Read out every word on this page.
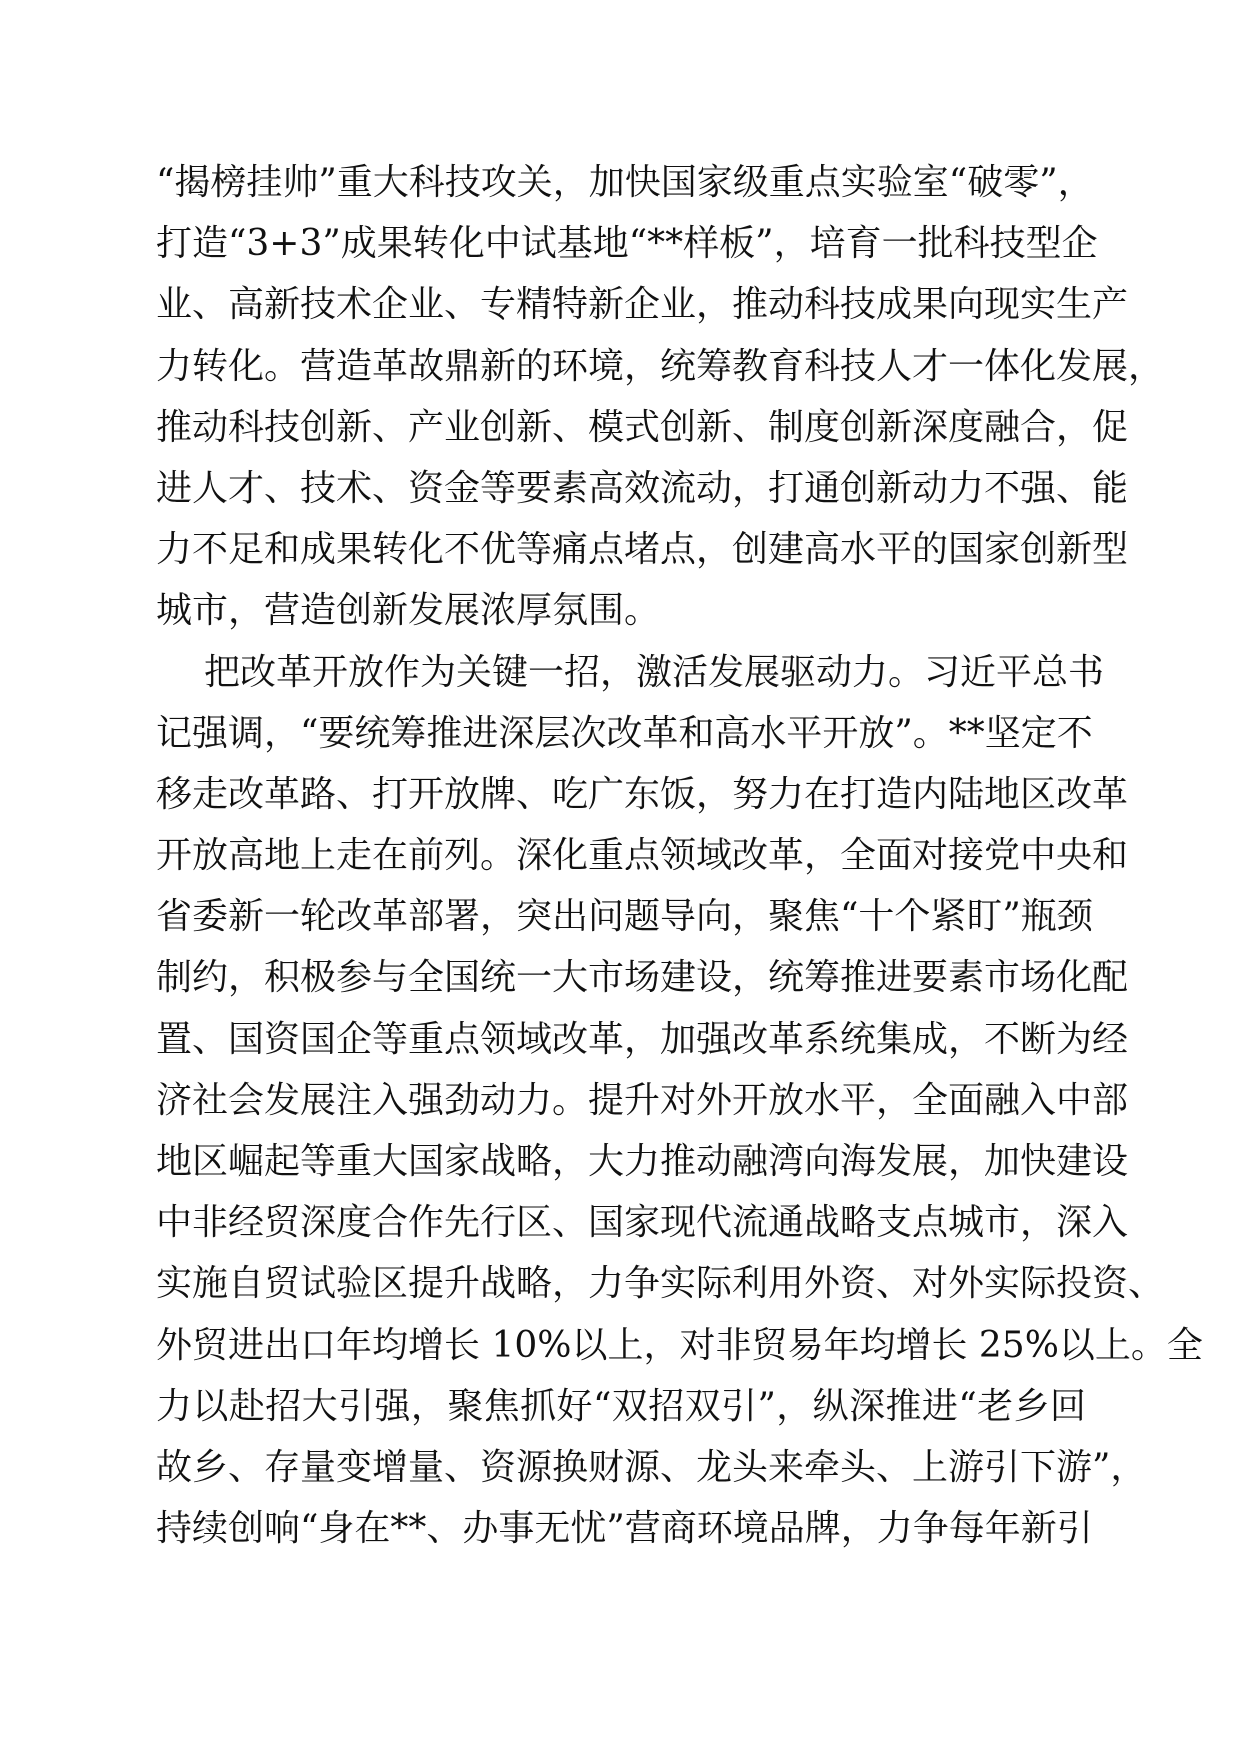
“揭榜挂帅”重大科技攻关，加快国家级重点实验室“破零”，
打造“3+3”成果转化中试基地“**样板”，培育一批科技型企
业、高新技术企业、专精特新企业，推动科技成果向现实生产
力转化。营造革故鼎新的环境，统筹教育科技人才一体化发展，
推动科技创新、产业创新、模式创新、制度创新深度融合，促
进人才、技术、资金等要素高效流动，打通创新动力不强、能
力不足和成果转化不优等痛点堵点，创建高水平的国家创新型
城市，营造创新发展浓厚氛围。
把改革开放作为关键一招，激活发展驱动力。习近平总书
记强调，“要统筹推进深层次改革和高水平开放”。**坚定不
移走改革路、打开放牌、吃广东饭，努力在打造内陆地区改革
开放高地上走在前列。深化重点领域改革，全面对接党中央和
省委新一轮改革部署，突出问题导向，聚焦“十个紧盯”瓶颈
制约，积极参与全国统一大市场建设，统筹推进要素市场化配
置、国资国企等重点领域改革，加强改革系统集成，不断为经
济社会发展注入强劲动力。提升对外开放水平，全面融入中部
地区崛起等重大国家战略，大力推动融湾向海发展，加快建设
中非经贸深度合作先行区、国家现代流通战略支点城市，深入
实施自贸试验区提升战略，力争实际利用外资、对外实际投资、
外贸进出口年均增长 10%以上，对非贸易年均增长 25%以上。全
力以赴招大引强，聚焦抓好“双招双引”，纵深推进“老乡回
故乡、存量变增量、资源换财源、龙头来牵头、上游引下游”，
持续创响“身在**、办事无忧”营商环境品牌，力争每年新引
